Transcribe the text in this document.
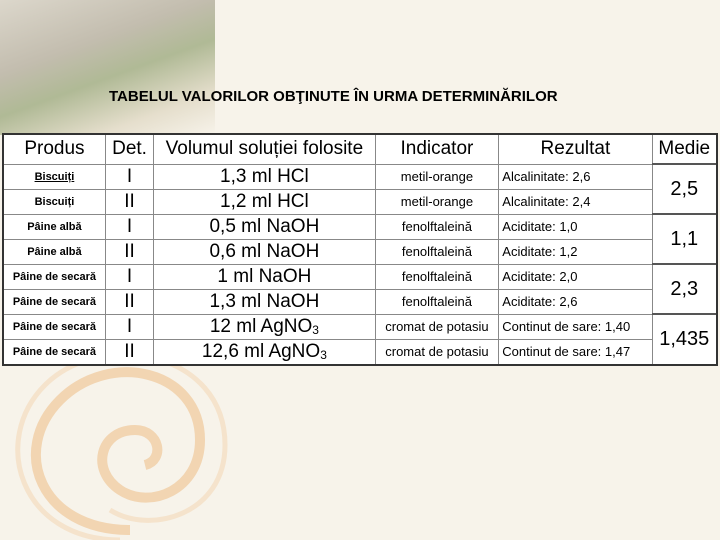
TABELUL VALORILOR OBŢINUTE ÎN URMA DETERMINĂRILOR
Produs	Det.	Volumul soluției folosite	Indicator	Rezultat	Medie
Biscuiți	I	1,3 ml HCl	metil-orange	Alcalinitate: 2,6	2,5
Biscuiți	II	1,2 ml HCl	metil-orange	Alcalinitate: 2,4	
Pâine albă	I	0,5 ml NaOH	fenolftaleină	Aciditate: 1,0	1,1
Pâine albă	II	0,6 ml NaOH	fenolftaleină	Aciditate: 1,2	
Pâine de secară	I	1 ml NaOH	fenolftaleină	Aciditate: 2,0	2,3
Pâine de secară	II	1,3 ml NaOH	fenolftaleină	Aciditate: 2,6	
Pâine de secară	I	12 ml AgNO$_3$	cromat de potasiu	Continut de sare: 1,40	1,435
Pâine de secară	II	12,6 ml AgNO$_3$	cromat de potasiu	Continut de sare: 1,47	
